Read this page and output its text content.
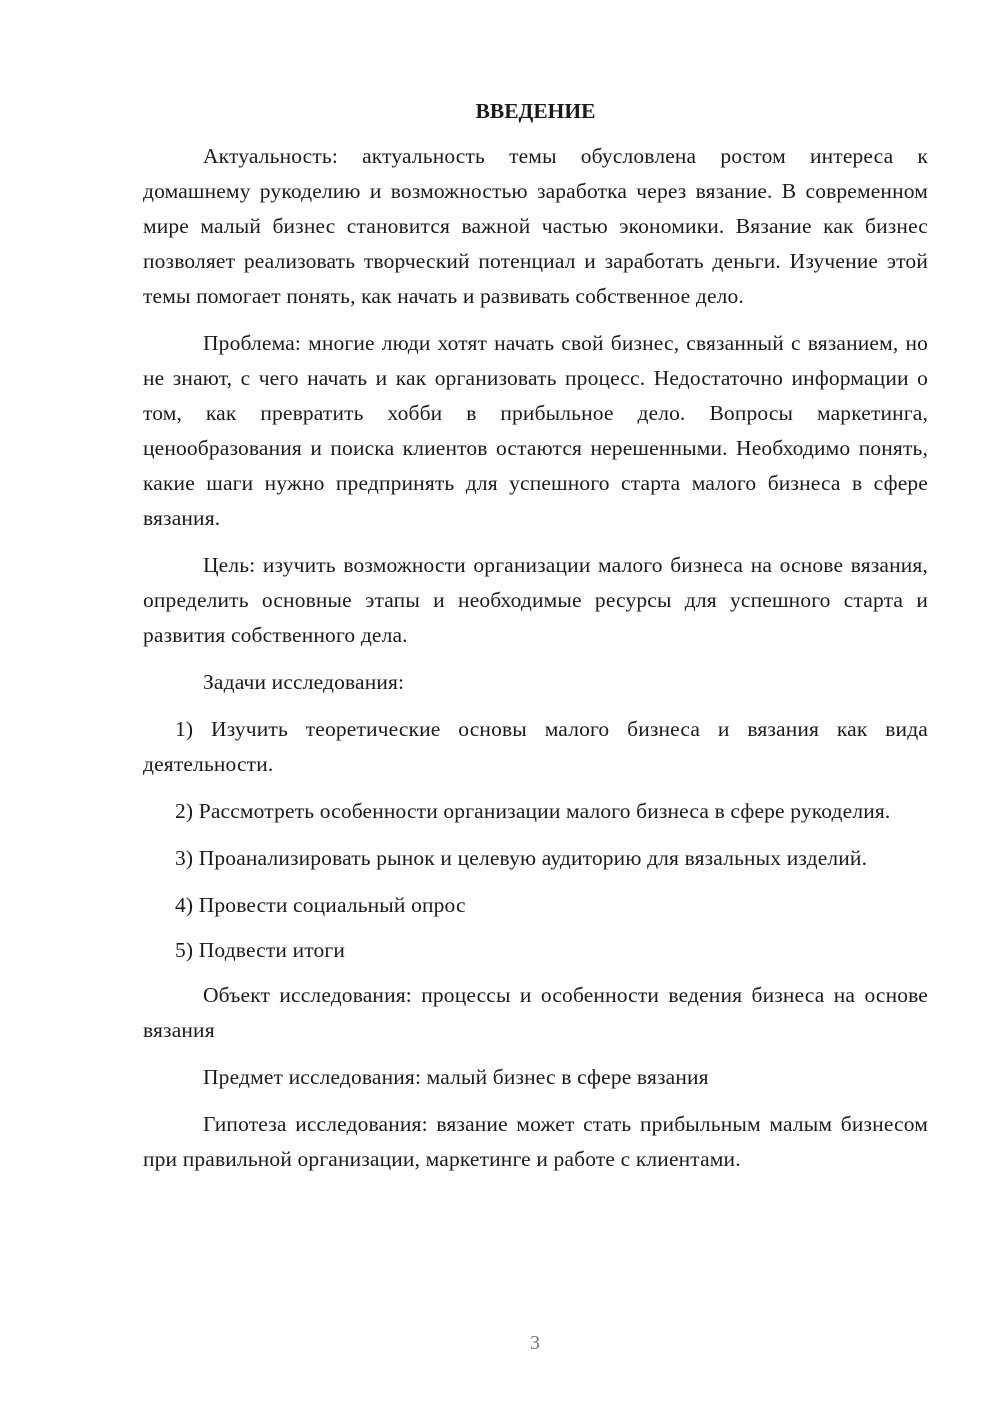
ВВЕДЕНИЕ

Актуальность: актуальность темы обусловлена ростом интереса к домашнему рукоделию и возможностью заработка через вязание. В современном мире малый бизнес становится важной частью экономики. Вязание как бизнес позволяет реализовать творческий потенциал и заработать деньги. Изучение этой темы помогает понять, как начать и развивать собственное дело.

Проблема: многие люди хотят начать свой бизнес, связанный с вязанием, но не знают, с чего начать и как организовать процесс. Недостаточно информации о том, как превратить хобби в прибыльное дело. Вопросы маркетинга, ценообразования и поиска клиентов остаются нерешенными. Необходимо понять, какие шаги нужно предпринять для успешного старта малого бизнеса в сфере вязания.

Цель: изучить возможности организации малого бизнеса на основе вязания, определить основные этапы и необходимые ресурсы для успешного старта и развития собственного дела.

Задачи исследования:

1) Изучить теоретические основы малого бизнеса и вязания как вида деятельности.

2) Рассмотреть особенности организации малого бизнеса в сфере рукоделия.

3) Проанализировать рынок и целевую аудиторию для вязальных изделий.

4) Провести социальный опрос

5) Подвести итоги

Объект исследования: процессы и особенности ведения бизнеса на основе вязания

Предмет исследования: малый бизнес в сфере вязания

Гипотеза исследования: вязание может стать прибыльным малым бизнесом при правильной организации, маркетинге и работе с клиентами.

3
